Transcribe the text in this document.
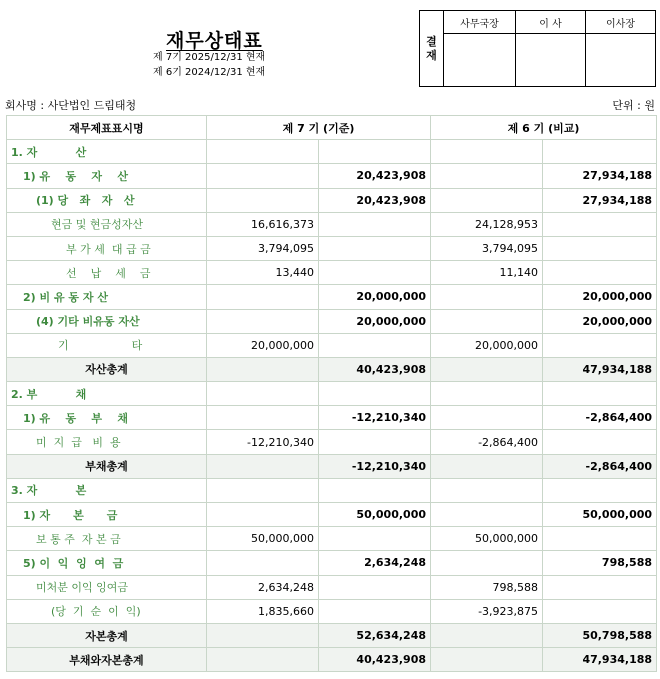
재무상태표
제 7기 2025/12/31 현재
제 6기 2024/12/31 현재
결
재	사무국장	이 사	이사장

회사명 : 사단법인 드림태청	단위 : 원
재무제표표시명	제 7 기 (기준)		제 6 기 (비교)	
1. 자          산				
1) 유    동    자    산		20,423,908		27,934,188
(1) 당   좌   자   산		20,423,908		27,934,188
현금 및 현금성자산	16,616,373		24,128,953	
부 가 세  대 급 금	3,794,095		3,794,095	
선    납    세    금	13,440		11,140	
2) 비 유 동 자 산		20,000,000		20,000,000
(4) 기타 비유동 자산		20,000,000		20,000,000
기                  타	20,000,000		20,000,000	
자산총계		40,423,908		47,934,188
2. 부          채				
1) 유    동    부    채		-12,210,340		-2,864,400
미  지  급   비  용	-12,210,340		-2,864,400	
부채총계		-12,210,340		-2,864,400
3. 자          본				
1) 자      본      금		50,000,000		50,000,000
보 통 주  자 본 금	50,000,000		50,000,000	
5) 이  익  잉  여  금		2,634,248		798,588
미처분 이익 잉여금	2,634,248		798,588	
(당  기  순  이  익)	1,835,660		-3,923,875	
자본총계		52,634,248		50,798,588
부채와자본총계		40,423,908		47,934,188
